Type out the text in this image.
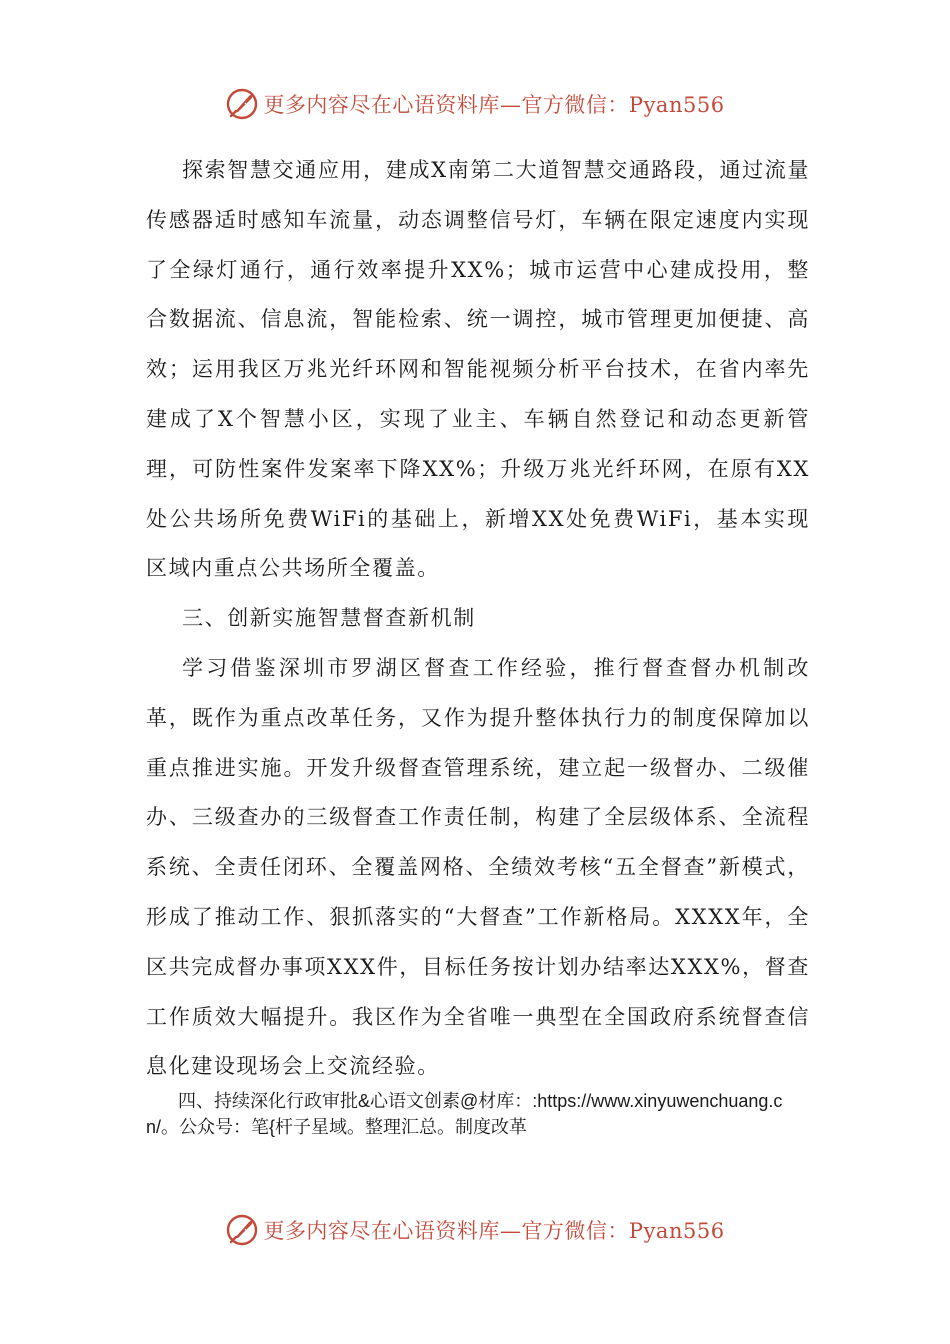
更多内容尽在心语资料库—官方微信：Pyan556

探索智慧交通应用，建成X南第二大道智慧交通路段，通过流量传感器适时感知车流量，动态调整信号灯，车辆在限定速度内实现了全绿灯通行，通行效率提升XX%；城市运营中心建成投用，整合数据流、信息流，智能检索、统一调控，城市管理更加便捷、高效；运用我区万兆光纤环网和智能视频分析平台技术，在省内率先建成了X个智慧小区，实现了业主、车辆自然登记和动态更新管理，可防性案件发案率下降XX%；升级万兆光纤环网，在原有XX处公共场所免费WiFi的基础上，新增XX处免费WiFi，基本实现区域内重点公共场所全覆盖。

三、创新实施智慧督查新机制

学习借鉴深圳市罗湖区督查工作经验，推行督查督办机制改革，既作为重点改革任务，又作为提升整体执行力的制度保障加以重点推进实施。开发升级督查管理系统，建立起一级督办、二级催办、三级查办的三级督查工作责任制，构建了全层级体系、全流程系统、全责任闭环、全覆盖网格、全绩效考核“五全督查”新模式，形成了推动工作、狠抓落实的“大督查”工作新格局。XXXX年，全区共完成督办事项XXX件，目标任务按计划办结率达XXX%，督查工作质效大幅提升。我区作为全省唯一典型在全国政府系统督查信息化建设现场会上交流经验。

四、持续深化行政审批&心语文创素@材库：:https://www.xinyuwenchuang.cn/。公众号：笔{杆子星域。整理汇总。制度改革

更多内容尽在心语资料库—官方微信：Pyan556
